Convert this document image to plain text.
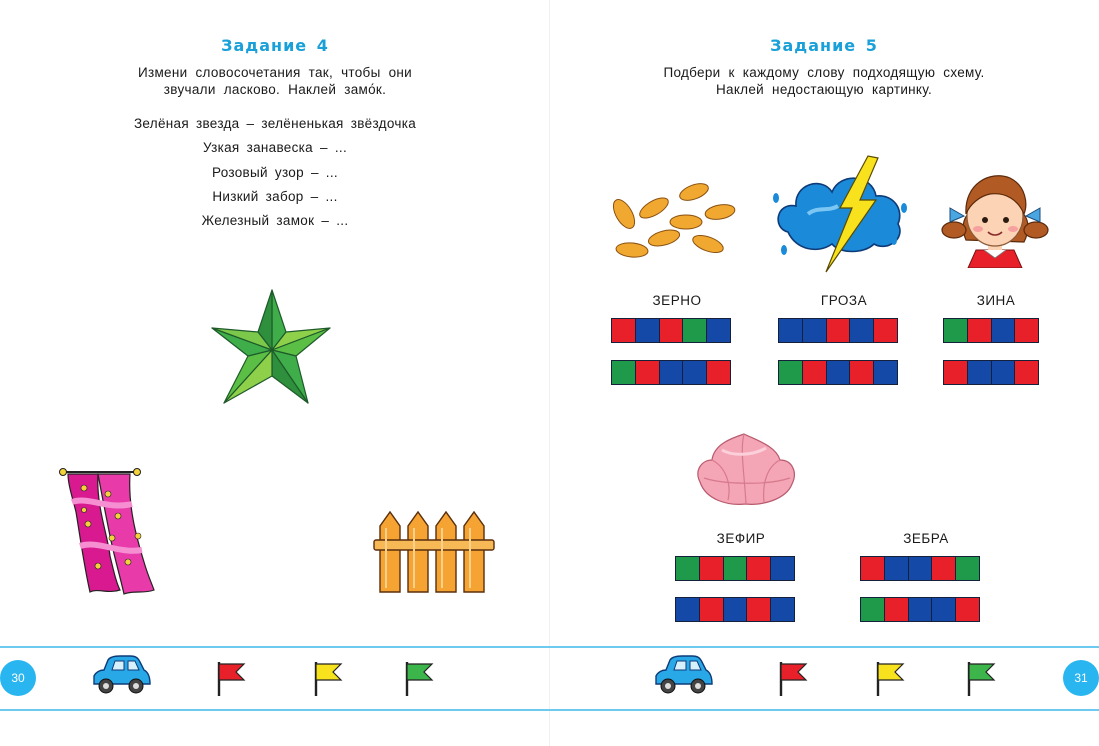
Задание 4
Измени словосочетания так, чтобы они
звучали ласково. Наклей замо́к.
Зелёная звезда – зелёненькая звёздочка
Узкая занавеска – ...
Розовый узор – ...
Низкий забор – ...
Железный замок – ...
Задание 5
Подбери к каждому слову подходящую схему.
Наклей недостающую картинку.
ЗЕРНО	ГРОЗА	ЗИНА
ЗЕФИР	ЗЕБРА
30	31
